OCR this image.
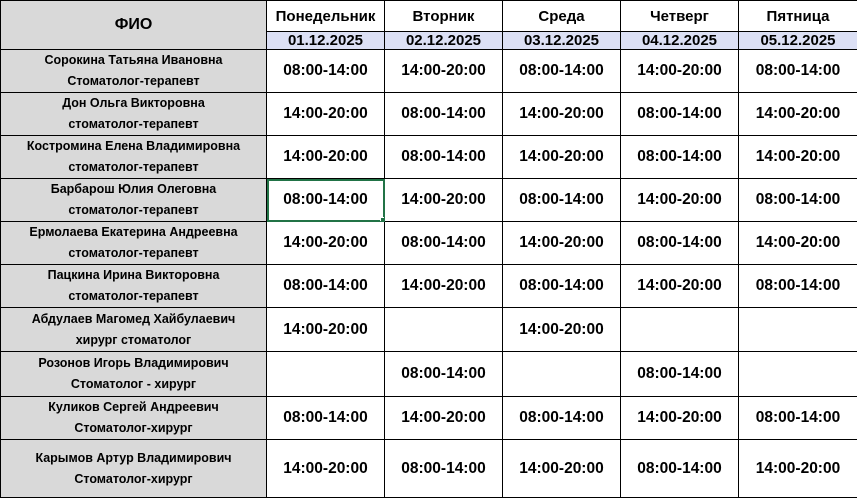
ФИО	Понедельник	Вторник	Среда	Четверг	Пятница
	01.12.2025	02.12.2025	03.12.2025	04.12.2025	05.12.2025

Сорокина Татьяна Ивановна
Стоматолог-терапевт	08:00-14:00	14:00-20:00	08:00-14:00	14:00-20:00	08:00-14:00

Дон Ольга Викторовна
стоматолог-терапевт	14:00-20:00	08:00-14:00	14:00-20:00	08:00-14:00	14:00-20:00

Костромина Елена Владимировна
стоматолог-терапевт	14:00-20:00	08:00-14:00	14:00-20:00	08:00-14:00	14:00-20:00

Барбарош Юлия Олеговна
стоматолог-терапевт	08:00-14:00	14:00-20:00	08:00-14:00	14:00-20:00	08:00-14:00

Ермолаева Екатерина Андреевна
стоматолог-терапевт	14:00-20:00	08:00-14:00	14:00-20:00	08:00-14:00	14:00-20:00

Пацкина Ирина Викторовна
стоматолог-терапевт	08:00-14:00	14:00-20:00	08:00-14:00	14:00-20:00	08:00-14:00

Абдулаев Магомед Хайбулаевич
хирург стоматолог	14:00-20:00		14:00-20:00		

Розонов Игорь Владимирович
Стоматолог - хирург		08:00-14:00		08:00-14:00	

Куликов Сергей Андреевич
Стоматолог-хирург	08:00-14:00	14:00-20:00	08:00-14:00	14:00-20:00	08:00-14:00

Карымов Артур Владимирович
Стоматолог-хирург	14:00-20:00	08:00-14:00	14:00-20:00	08:00-14:00	14:00-20:00
